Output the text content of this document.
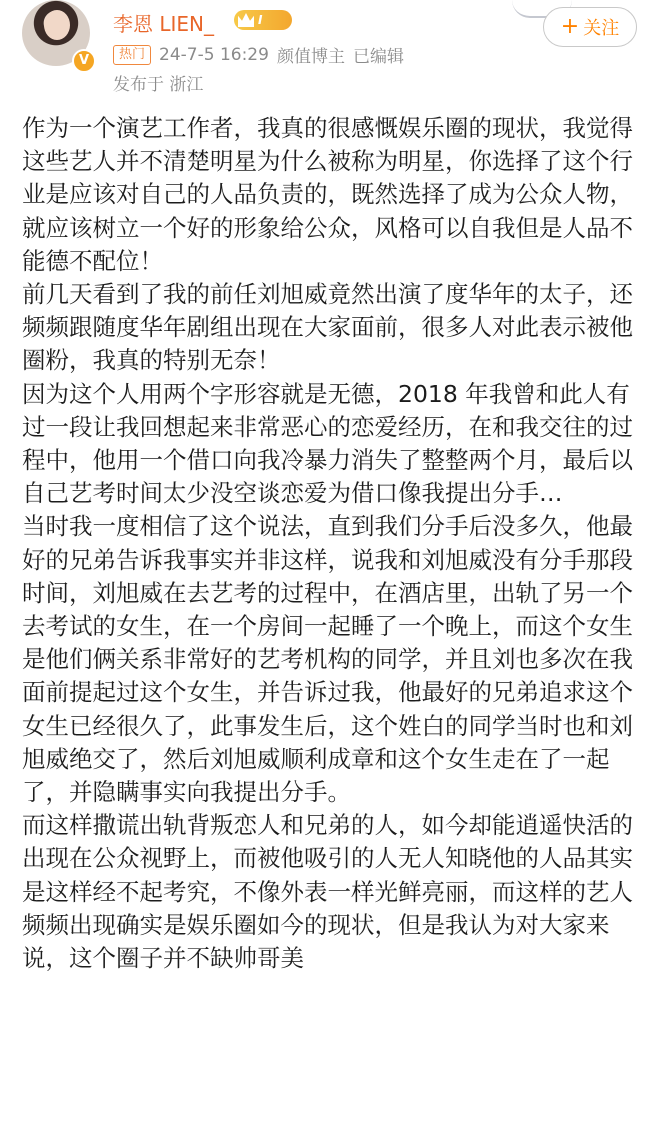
V
李恩 LIEN_	I
热门 24-7-5 16:29 颜值博主 已编辑
发布于 浙江
+ 关注

作为一个演艺工作者，我真的很感慨娱乐圈的现状，我觉得这些艺人并不清楚明星为什么被称为明星，你选择了这个行业是应该对自己的人品负责的，既然选择了成为公众人物，就应该树立一个好的形象给公众，风格可以自我但是人品不能德不配位！

前几天看到了我的前任刘旭威竟然出演了度华年的太子，还频频跟随度华年剧组出现在大家面前，很多人对此表示被他圈粉，我真的特别无奈！

因为这个人用两个字形容就是无德，2018 年我曾和此人有过一段让我回想起来非常恶心的恋爱经历，在和我交往的过程中，他用一个借口向我冷暴力消失了整整两个月，最后以自己艺考时间太少没空谈恋爱为借口像我提出分手…

当时我一度相信了这个说法，直到我们分手后没多久，他最好的兄弟告诉我事实并非这样，说我和刘旭威没有分手那段时间，刘旭威在去艺考的过程中，在酒店里，出轨了另一个去考试的女生，在一个房间一起睡了一个晚上，而这个女生是他们俩关系非常好的艺考机构的同学，并且刘也多次在我面前提起过这个女生，并告诉过我，他最好的兄弟追求这个女生已经很久了，此事发生后，这个姓白的同学当时也和刘旭威绝交了，然后刘旭威顺利成章和这个女生走在了一起了，并隐瞒事实向我提出分手。

而这样撒谎出轨背叛恋人和兄弟的人，如今却能逍遥快活的出现在公众视野上，而被他吸引的人无人知晓他的人品其实是这样经不起考究，不像外表一样光鲜亮丽，而这样的艺人频频出现确实是娱乐圈如今的现状，但是我认为对大家来说，这个圈子并不缺帅哥美
